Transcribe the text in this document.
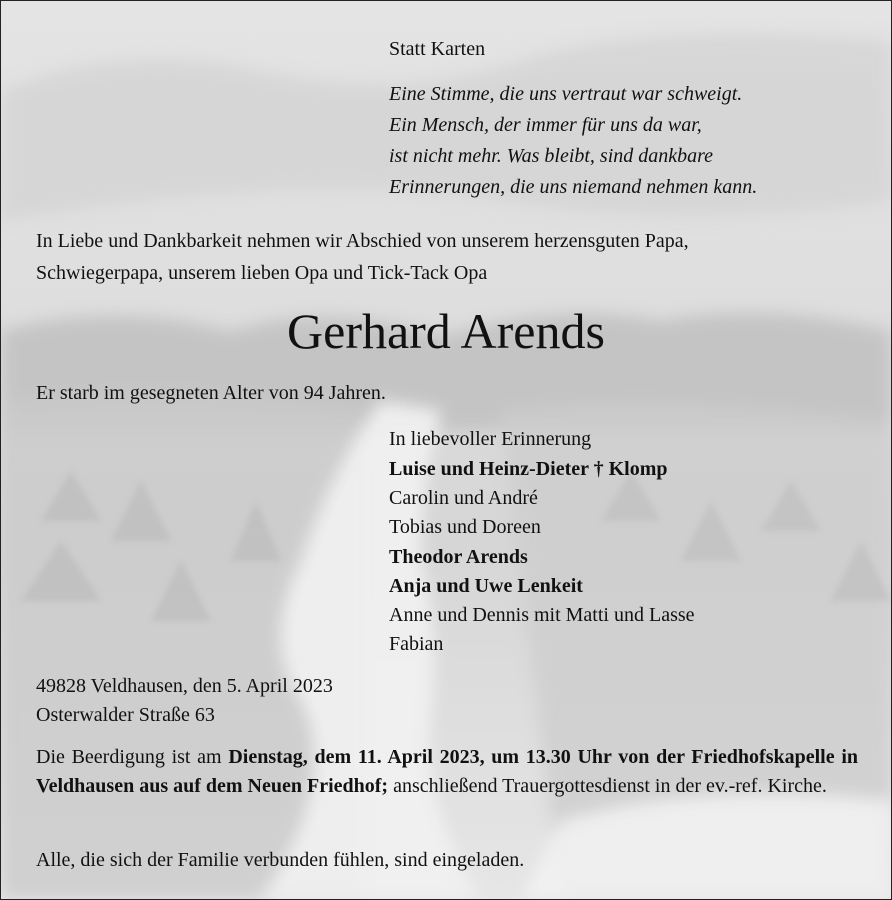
Statt Karten
Eine Stimme, die uns vertraut war schweigt.
Ein Mensch, der immer für uns da war,
ist nicht mehr. Was bleibt, sind dankbare
Erinnerungen, die uns niemand nehmen kann.
In Liebe und Dankbarkeit nehmen wir Abschied von unserem herzensguten Papa,
Schwiegerpapa, unserem lieben Opa und Tick-Tack Opa
Gerhard Arends
Er starb im gesegneten Alter von 94 Jahren.
In liebevoller Erinnerung
Luise und Heinz-Dieter † Klomp
Carolin und André
Tobias und Doreen
Theodor Arends
Anja und Uwe Lenkeit
Anne und Dennis mit Matti und Lasse
Fabian
49828 Veldhausen, den 5. April 2023
Osterwalder Straße 63
Die Beerdigung ist am Dienstag, dem 11. April 2023, um 13.30 Uhr von der Friedhofskapelle in Veldhausen aus auf dem Neuen Friedhof; anschließend Trauergottesdienst in der ev.-ref. Kirche.
Alle, die sich der Familie verbunden fühlen, sind eingeladen.
